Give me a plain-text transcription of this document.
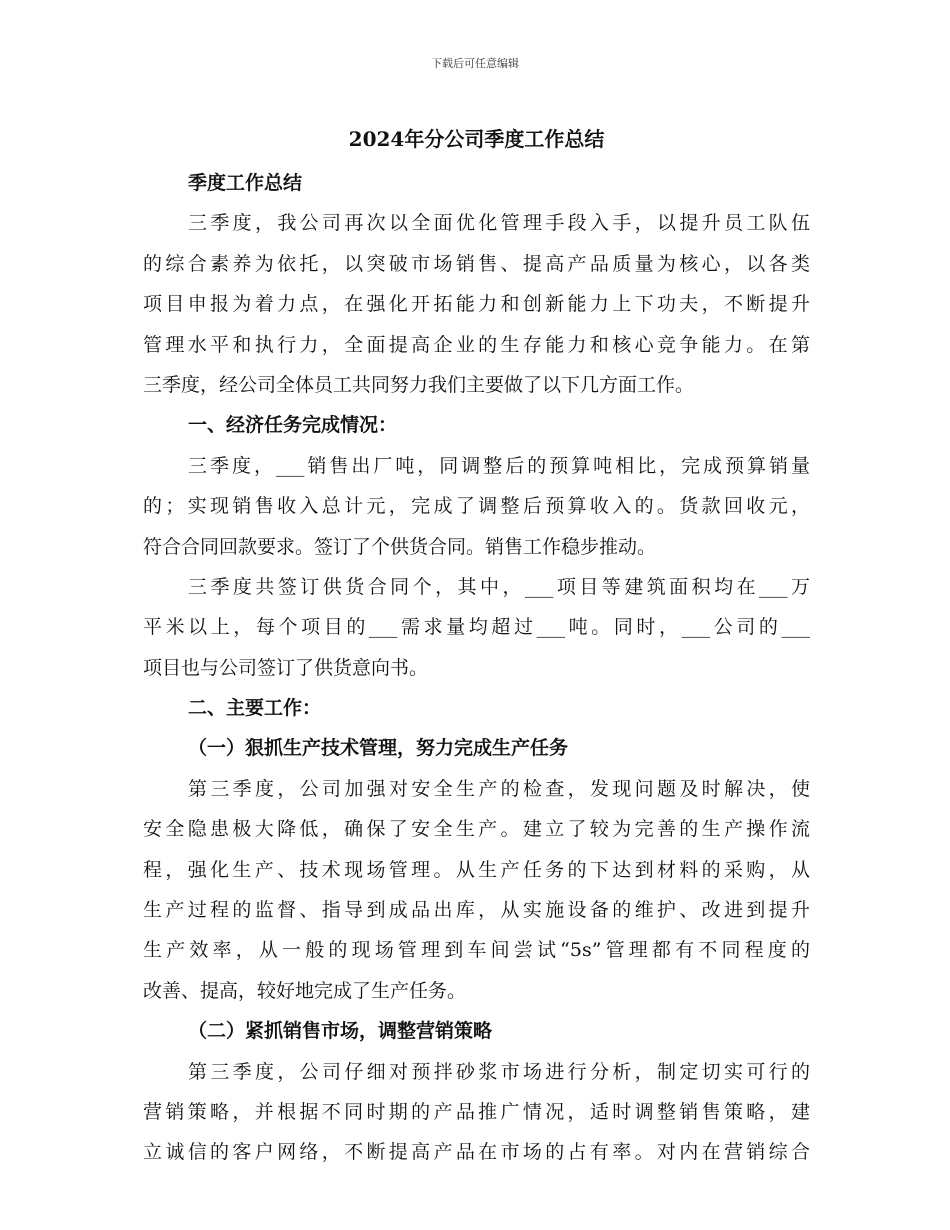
下载后可任意编辑
2024年分公司季度工作总结
季度工作总结
三季度，我公司再次以全面优化管理手段入手，以提升员工队伍
的综合素养为依托，以突破市场销售、提高产品质量为核心，以各类
项目申报为着力点，在强化开拓能力和创新能力上下功夫，不断提升
管理水平和执行力，全面提高企业的生存能力和核心竞争能力。在第
三季度，经公司全体员工共同努力我们主要做了以下几方面工作。
一、经济任务完成情况：
三季度，___销售出厂吨，同调整后的预算吨相比，完成预算销量
的；实现销售收入总计元，完成了调整后预算收入的。货款回收元，
符合合同回款要求。签订了个供货合同。销售工作稳步推动。
三季度共签订供货合同个，其中，___项目等建筑面积均在___万
平米以上，每个项目的___需求量均超过___吨。同时，___公司的___
项目也与公司签订了供货意向书。
二、主要工作：
（一）狠抓生产技术管理，努力完成生产任务
第三季度，公司加强对安全生产的检查，发现问题及时解决，使
安全隐患极大降低，确保了安全生产。建立了较为完善的生产操作流
程，强化生产、技术现场管理。从生产任务的下达到材料的采购，从
生产过程的监督、指导到成品出库，从实施设备的维护、改进到提升
生产效率，从一般的现场管理到车间尝试“5s”管理都有不同程度的
改善、提高，较好地完成了生产任务。
（二）紧抓销售市场，调整营销策略
第三季度，公司仔细对预拌砂浆市场进行分析，制定切实可行的
营销策略，并根据不同时期的产品推广情况，适时调整销售策略，建
立诚信的客户网络，不断提高产品在市场的占有率。对内在营销综合
